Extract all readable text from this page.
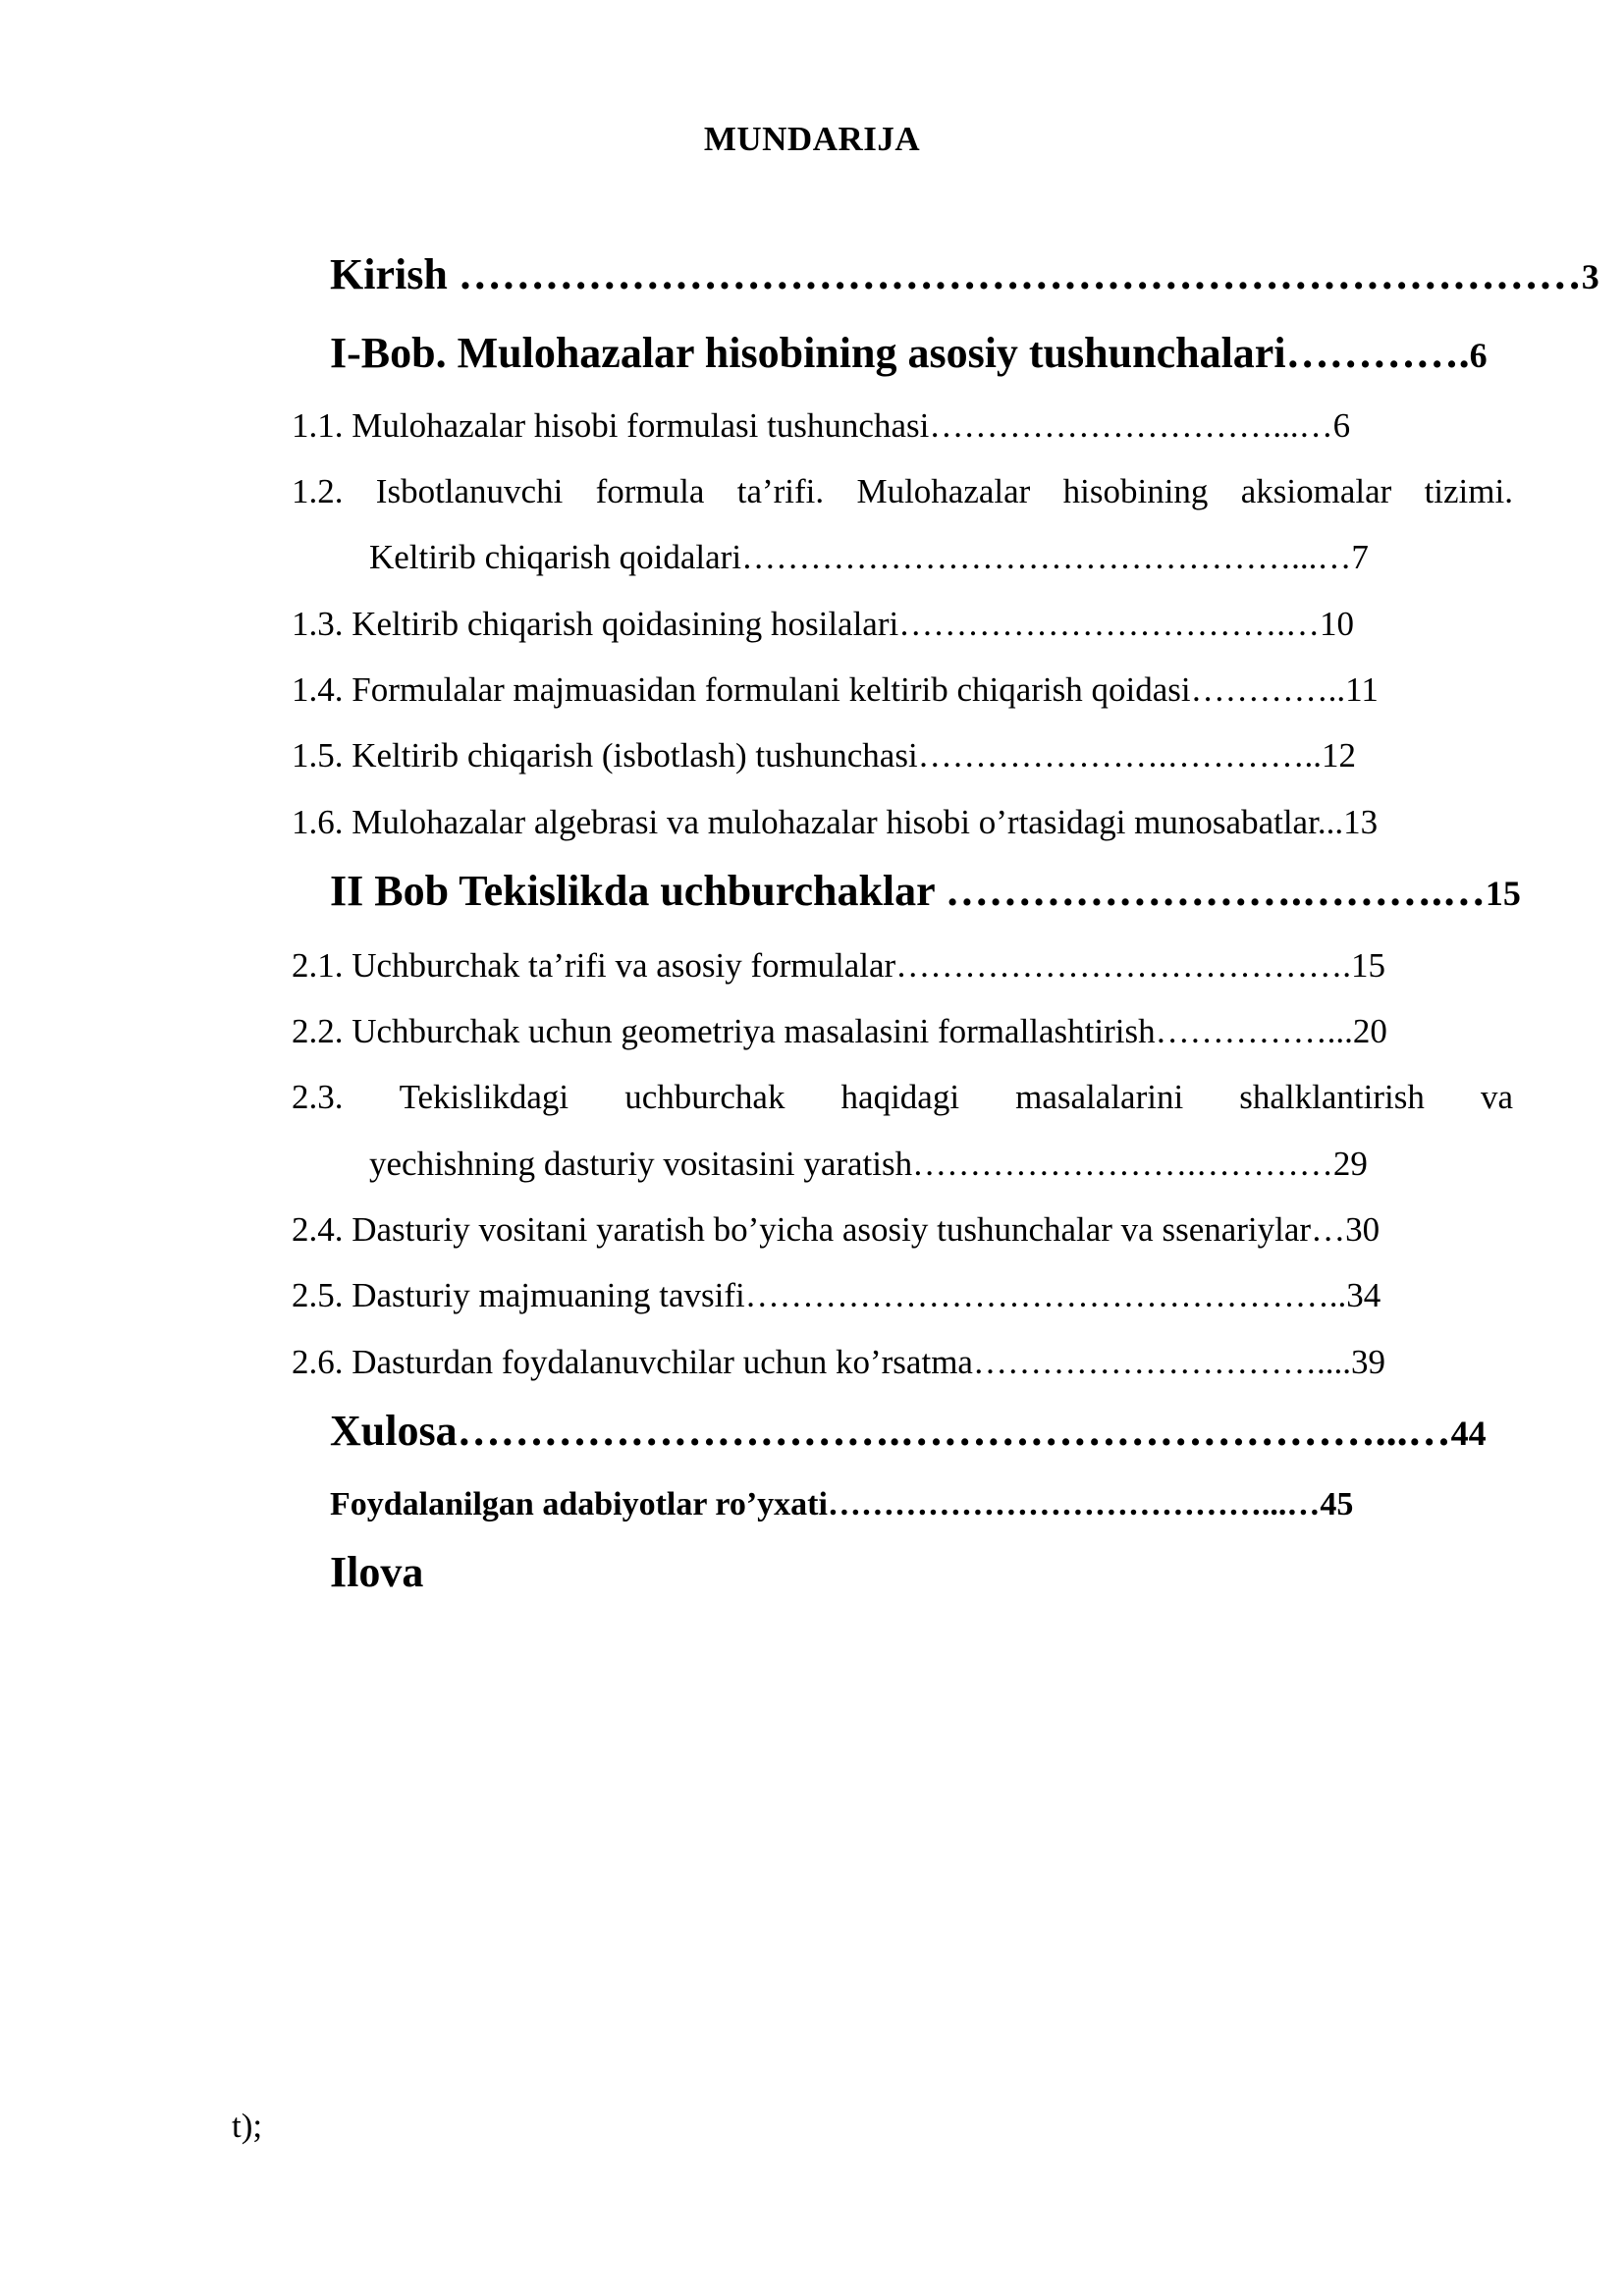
MUNDARIJA
Kirish ……………………………………………………………………3
I-Bob. Mulohazalar hisobining asosiy tushunchalari………….6
1.1. Mulohazalar hisobi formulasi tushunchasi…………………………...…6
1.2. Isbotlanuvchi formula ta’rifi. Mulohazalar hisobining aksiomalar tizimi.
Keltirib chiqarish qoidalari…………………………………………...…7
1.3. Keltirib chiqarish qoidasining hosilalari…………………………….…10
1.4. Formulalar majmuasidan formulani keltirib chiqarish qoidasi…………..11
1.5. Keltirib chiqarish (isbotlash) tushunchasi………………….…………..12
1.6. Mulohazalar algebrasi va mulohazalar hisobi o’rtasidagi munosabatlar...13
II Bob Tekislikda uchburchaklar …………………….……….…15
2.1. Uchburchak ta’rifi va asosiy formulalar………………………………….15
2.2. Uchburchak uchun geometriya masalasini formallashtirish……………...20
2.3. Tekislikdagi uchburchak haqidagi masalalarini shalklantirish va
yechishning dasturiy vositasini yaratish…………………….…………29
2.4. Dasturiy vositani yaratish bo’yicha asosiy tushunchalar va ssenariylar…30
2.5. Dasturiy majmuaning tavsifi……………………………………………..34
2.6. Dasturdan foydalanuvchilar uchun ko’rsatma…………………………....39
Xulosa………………………….……………………………...…44
Foydalanilgan adabiyotlar ro’yxati…………………………………...…45
Ilova
t);
